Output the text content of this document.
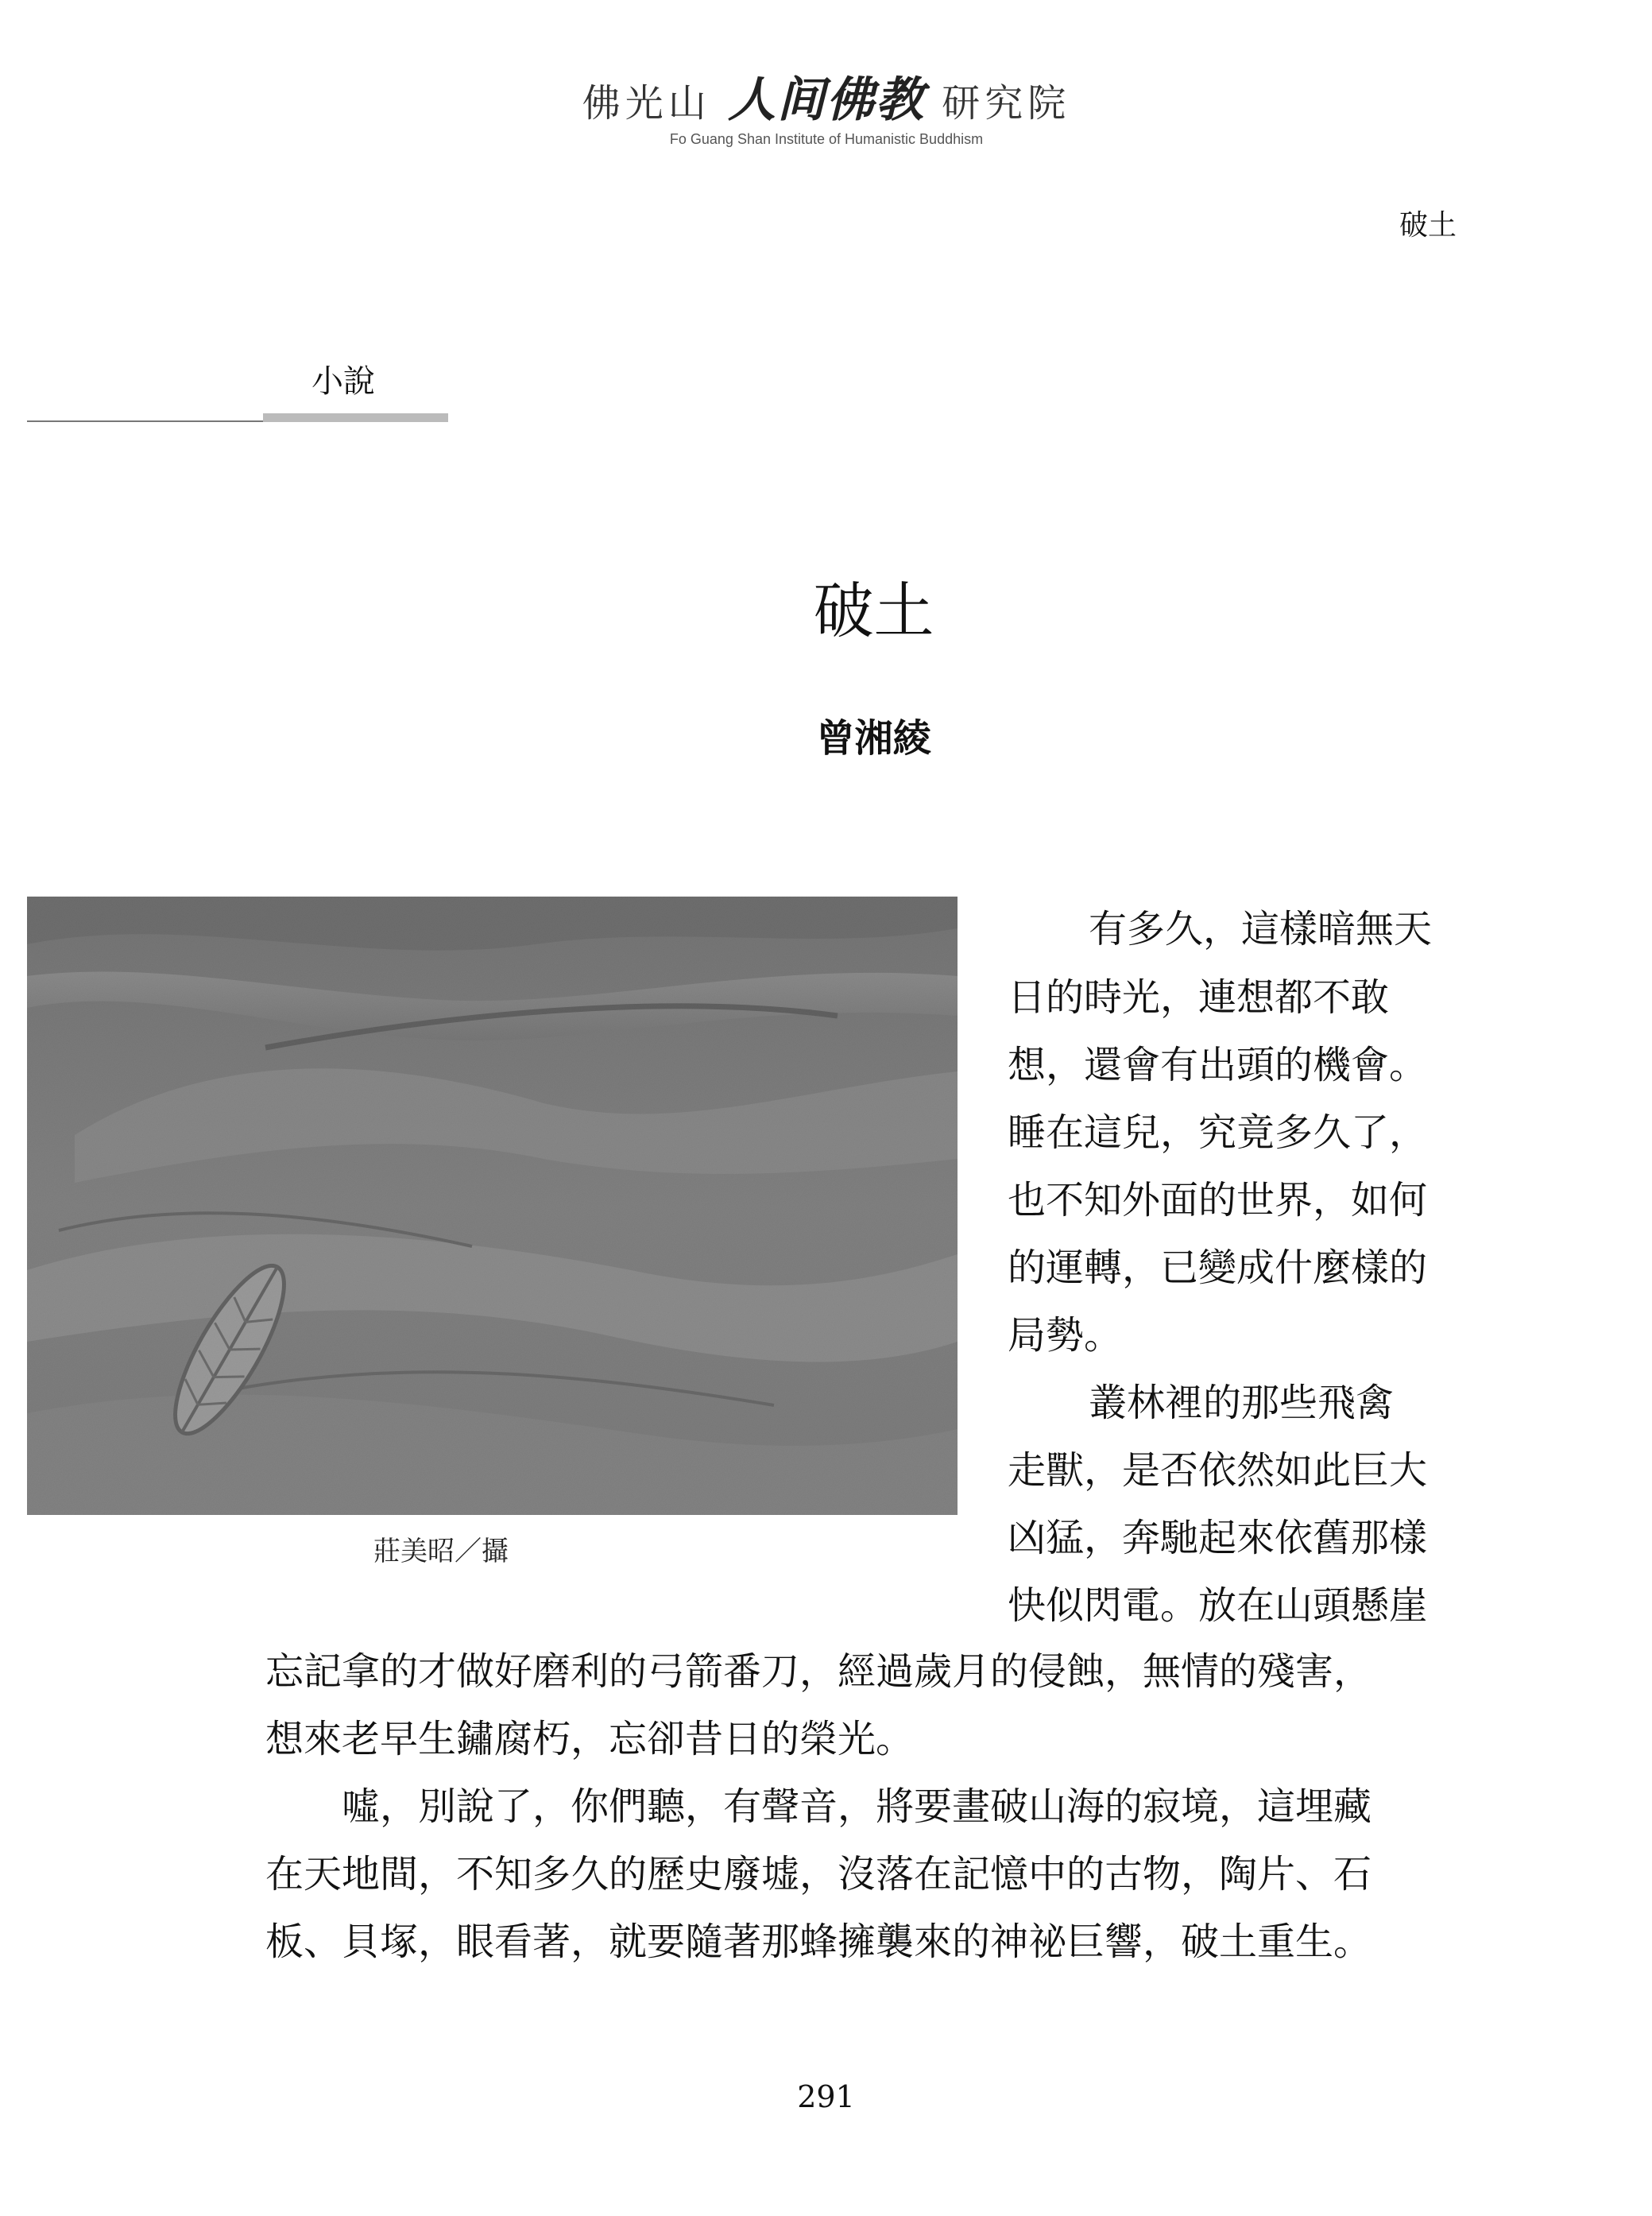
佛光山 人间佛教 研究院
Fo Guang Shan Institute of Humanistic Buddhism
破土
小說
破土
曾湘綾
莊美昭／攝
有多久，這樣暗無天
日的時光，連想都不敢
想，還會有出頭的機會。
睡在這兒，究竟多久了，
也不知外面的世界，如何
的運轉，已變成什麼樣的
局勢。
叢林裡的那些飛禽
走獸，是否依然如此巨大
凶猛，奔馳起來依舊那樣
快似閃電。放在山頭懸崖
忘記拿的才做好磨利的弓箭番刀，經過歲月的侵蝕，無情的殘害，
想來老早生鏽腐朽，忘卻昔日的榮光。
噓，別說了，你們聽，有聲音，將要畫破山海的寂境，這埋藏
在天地間，不知多久的歷史廢墟，沒落在記憶中的古物，陶片、石
板、貝塚，眼看著，就要隨著那蜂擁襲來的神祕巨響，破土重生。
291
